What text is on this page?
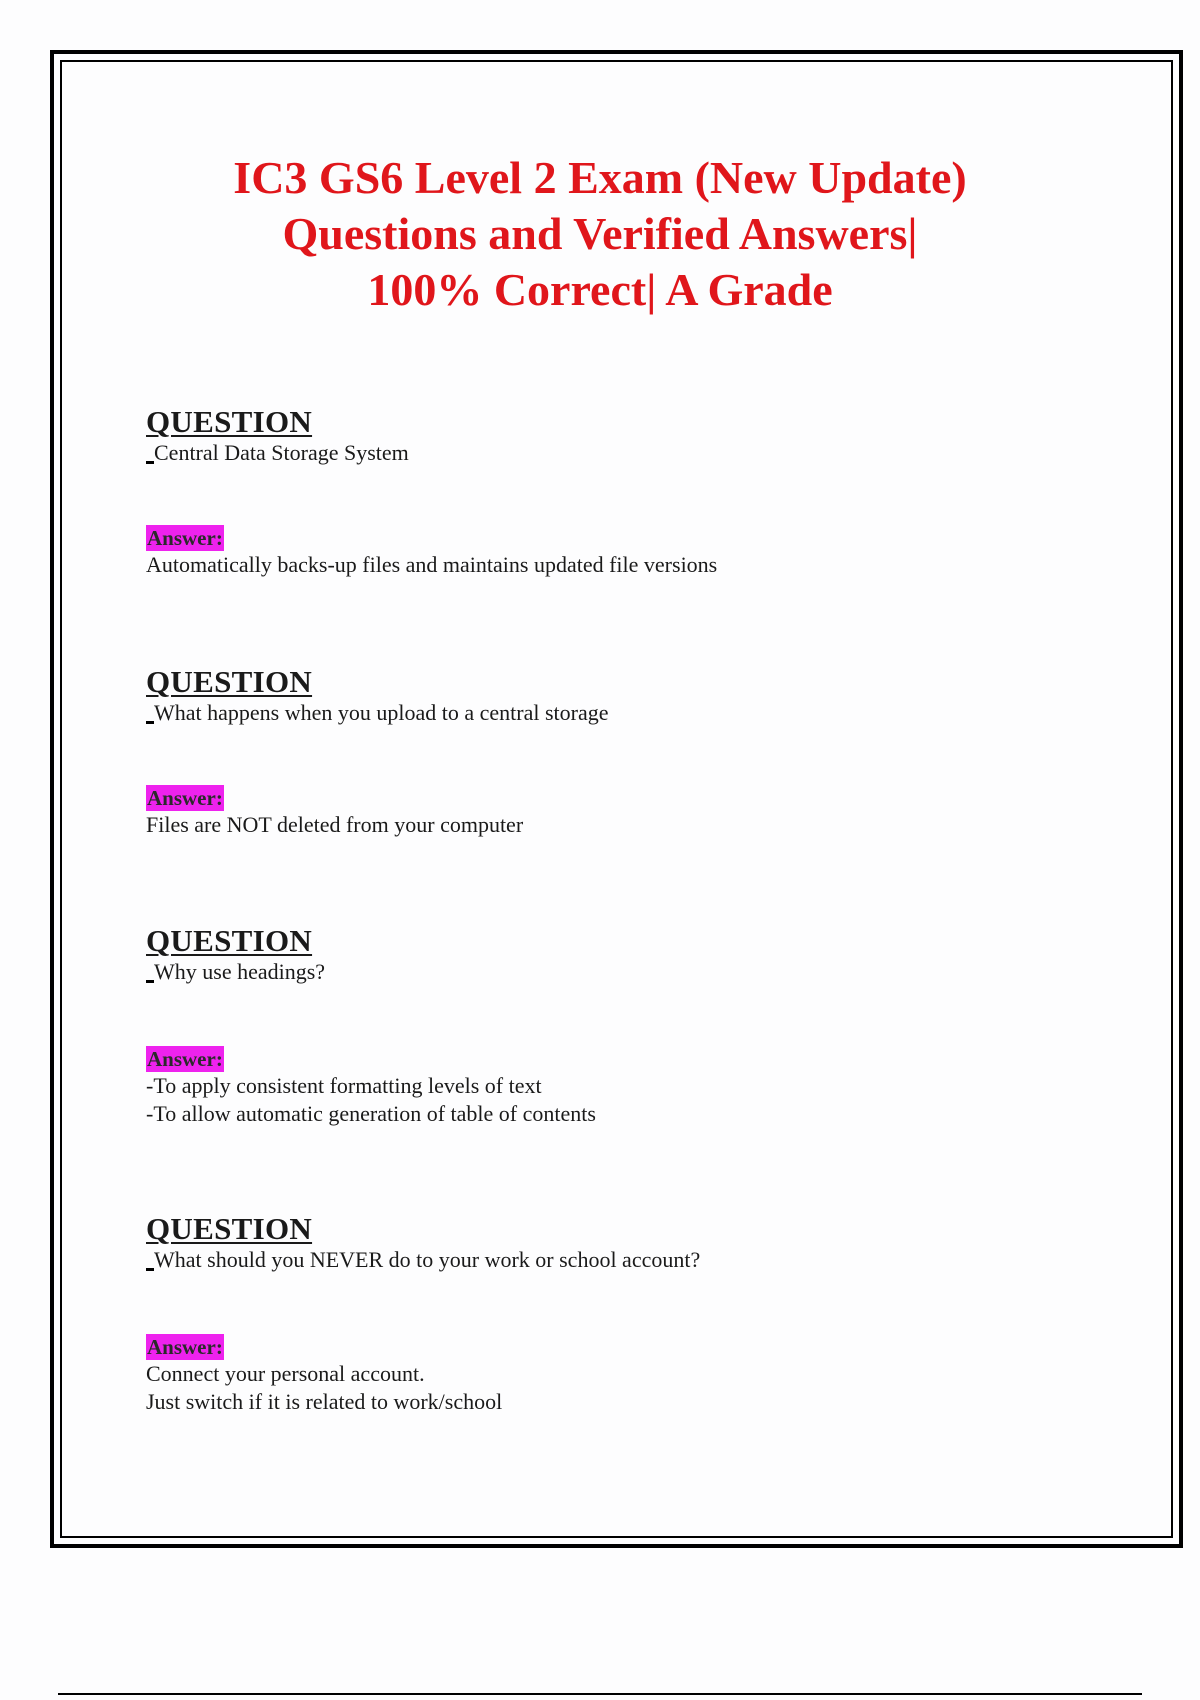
IC3 GS6 Level 2 Exam (New Update)
Questions and Verified Answers|
100% Correct| A Grade
QUESTION
Central Data Storage System
Answer:
Automatically backs-up files and maintains updated file versions
QUESTION
What happens when you upload to a central storage
Answer:
Files are NOT deleted from your computer
QUESTION
Why use headings?
Answer:
-To apply consistent formatting levels of text
-To allow automatic generation of table of contents
QUESTION
What should you NEVER do to your work or school account?
Answer:
Connect your personal account.
Just switch if it is related to work/school
